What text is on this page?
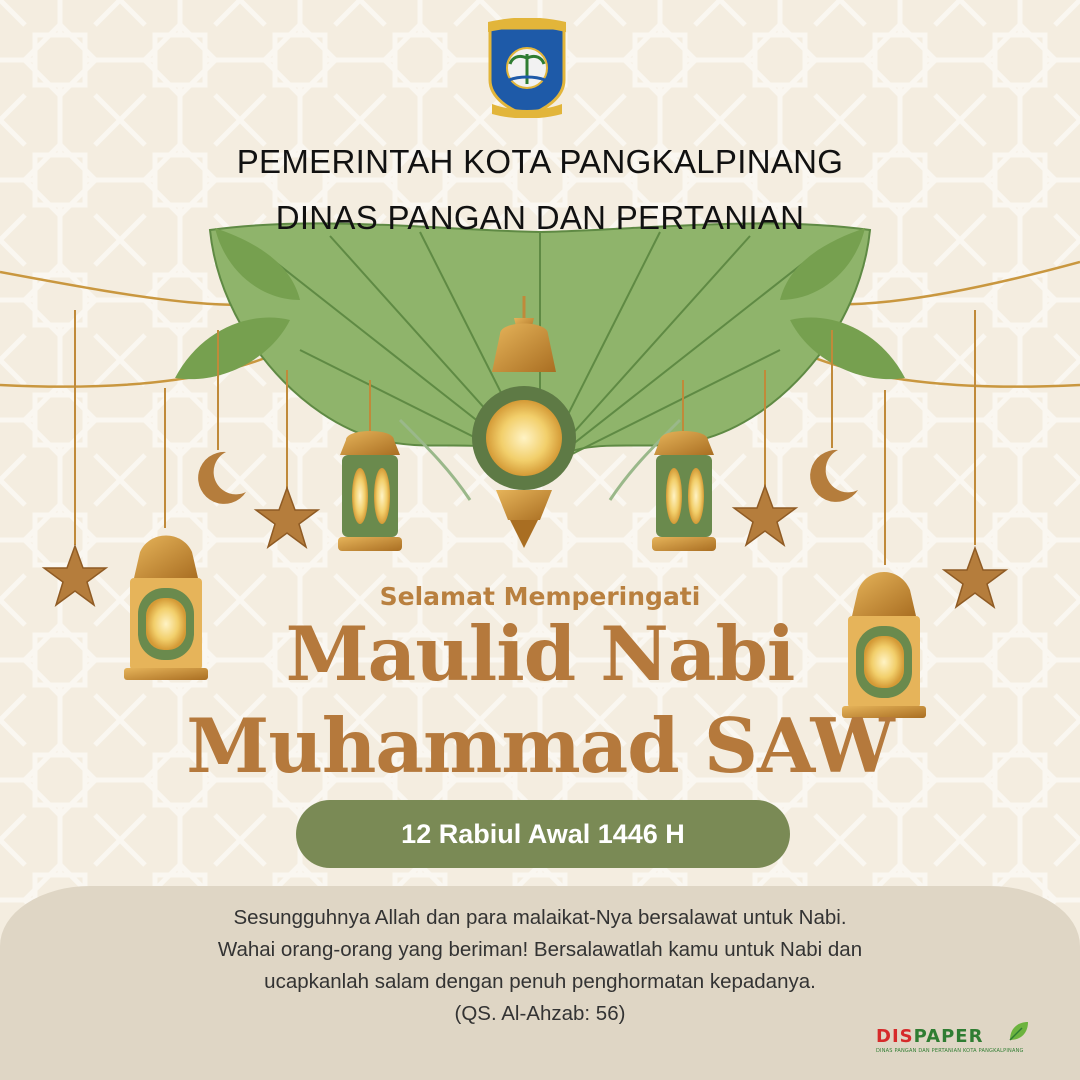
PEMERINTAH KOTA PANGKALPINANG
DINAS PANGAN DAN PERTANIAN
Selamat Memperingati
Maulid Nabi
Muhammad SAW
12 Rabiul Awal 1446 H
Sesungguhnya Allah dan para malaikat-Nya bersalawat untuk Nabi.
Wahai orang-orang yang beriman! Bersalawatlah kamu untuk Nabi dan
ucapkanlah salam dengan penuh penghormatan kepadanya.
(QS. Al-Ahzab: 56)
DISPAPER
DINAS PANGAN DAN PERTANIAN KOTA PANGKALPINANG
